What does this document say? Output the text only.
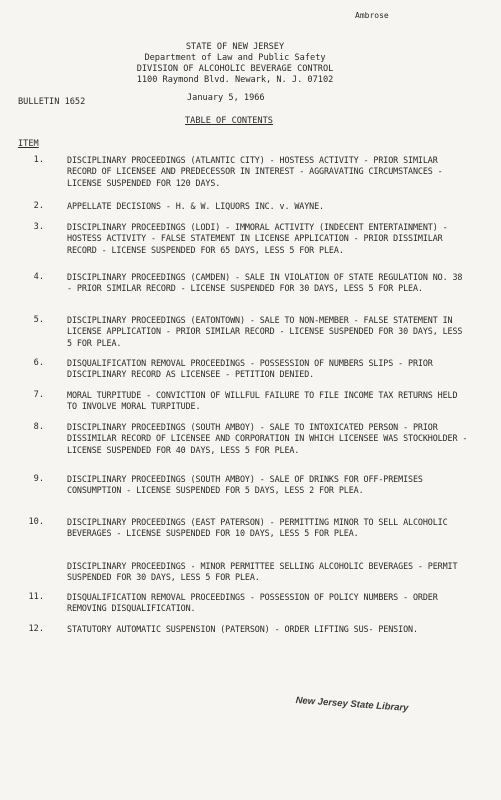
Ambrose
STATE OF NEW JERSEY
Department of Law and Public Safety
DIVISION OF ALCOHOLIC BEVERAGE CONTROL
1100 Raymond Blvd. Newark, N. J. 07102
BULLETIN 1652	January 5, 1966
TABLE OF CONTENTS
ITEM
1.	DISCIPLINARY PROCEEDINGS (ATLANTIC CITY) - HOSTESS ACTIVITY - PRIOR SIMILAR RECORD OF LICENSEE AND PREDECESSOR IN INTEREST - AGGRAVATING CIRCUMSTANCES - LICENSE SUSPENDED FOR 120 DAYS.
2.	APPELLATE DECISIONS - H. & W. LIQUORS INC. v. WAYNE.
3.	DISCIPLINARY PROCEEDINGS (LODI) - IMMORAL ACTIVITY (INDECENT ENTERTAINMENT) - HOSTESS ACTIVITY - FALSE STATEMENT IN LICENSE APPLICATION - PRIOR DISSIMILAR RECORD - LICENSE SUSPENDED FOR 65 DAYS, LESS 5 FOR PLEA.
4.	DISCIPLINARY PROCEEDINGS (CAMDEN) - SALE IN VIOLATION OF STATE REGULATION NO. 38 - PRIOR SIMILAR RECORD - LICENSE SUSPENDED FOR 30 DAYS, LESS 5 FOR PLEA.
5.	DISCIPLINARY PROCEEDINGS (EATONTOWN) - SALE TO NON-MEMBER - FALSE STATEMENT IN LICENSE APPLICATION - PRIOR SIMILAR RECORD - LICENSE SUSPENDED FOR 30 DAYS, LESS 5 FOR PLEA.
6.	DISQUALIFICATION REMOVAL PROCEEDINGS - POSSESSION OF NUMBERS SLIPS - PRIOR DISCIPLINARY RECORD AS LICENSEE - PETITION DENIED.
7.	MORAL TURPITUDE - CONVICTION OF WILLFUL FAILURE TO FILE INCOME TAX RETURNS HELD TO INVOLVE MORAL TURPITUDE.
8.	DISCIPLINARY PROCEEDINGS (SOUTH AMBOY) - SALE TO INTOXICATED PERSON - PRIOR DISSIMILAR RECORD OF LICENSEE AND CORPORATION IN WHICH LICENSEE WAS STOCKHOLDER - LICENSE SUSPENDED FOR 40 DAYS, LESS 5 FOR PLEA.
9.	DISCIPLINARY PROCEEDINGS (SOUTH AMBOY) - SALE OF DRINKS FOR OFF-PREMISES CONSUMPTION - LICENSE SUSPENDED FOR 5 DAYS, LESS 2 FOR PLEA.
10.	DISCIPLINARY PROCEEDINGS (EAST PATERSON) - PERMITTING MINOR TO SELL ALCOHOLIC BEVERAGES - LICENSE SUSPENDED FOR 10 DAYS, LESS 5 FOR PLEA.
DISCIPLINARY PROCEEDINGS - MINOR PERMITTEE SELLING ALCOHOLIC BEVERAGES - PERMIT SUSPENDED FOR 30 DAYS, LESS 5 FOR PLEA.
11.	DISQUALIFICATION REMOVAL PROCEEDINGS - POSSESSION OF POLICY NUMBERS - ORDER REMOVING DISQUALIFICATION.
12.	STATUTORY AUTOMATIC SUSPENSION (PATERSON) - ORDER LIFTING SUS- PENSION.
New Jersey State Library
